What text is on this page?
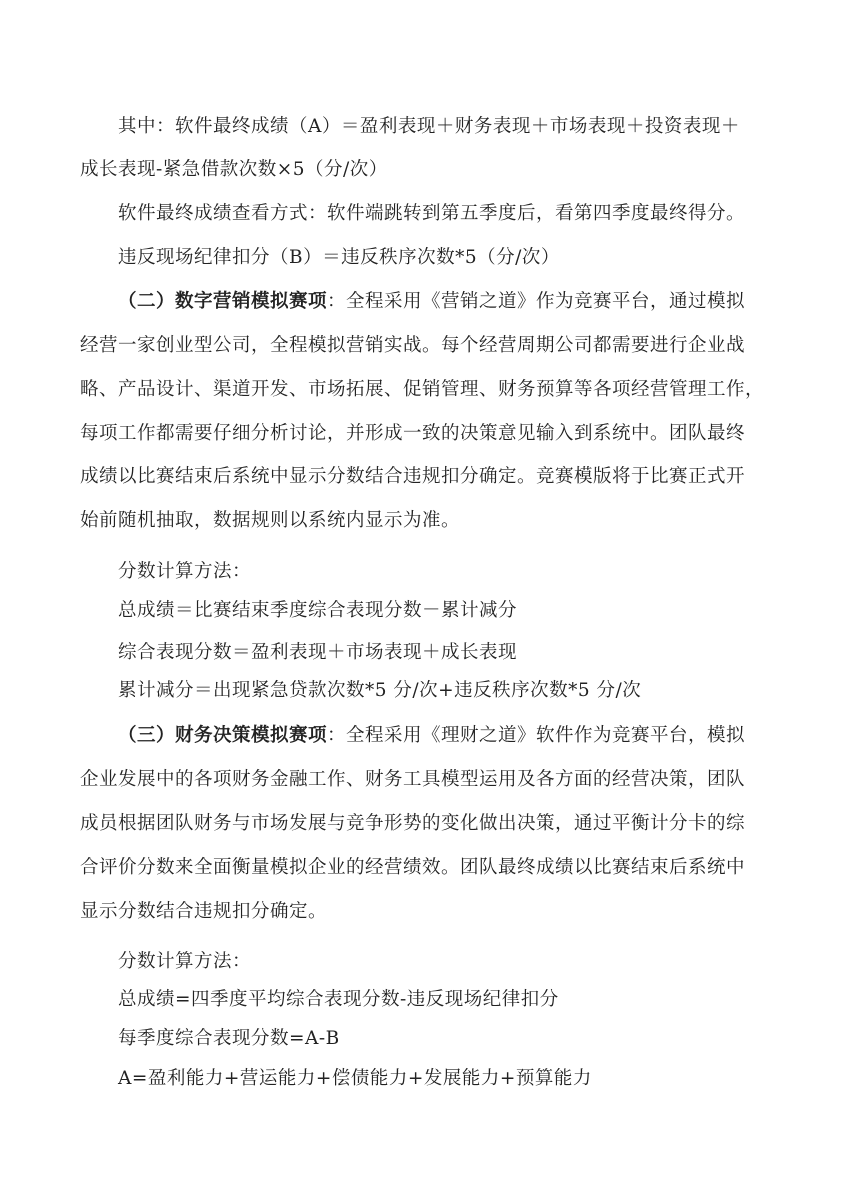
其中：软件最终成绩（A）＝盈利表现＋财务表现＋市场表现＋投资表现＋
成长表现-紧急借款次数×5（分/次）
软件最终成绩查看方式：软件端跳转到第五季度后，看第四季度最终得分。
违反现场纪律扣分（B）＝违反秩序次数*5（分/次）
（二）数字营销模拟赛项：全程采用《营销之道》作为竞赛平台，通过模拟
经营一家创业型公司，全程模拟营销实战。每个经营周期公司都需要进行企业战
略、产品设计、渠道开发、市场拓展、促销管理、财务预算等各项经营管理工作，
每项工作都需要仔细分析讨论，并形成一致的决策意见输入到系统中。团队最终
成绩以比赛结束后系统中显示分数结合违规扣分确定。竞赛模版将于比赛正式开
始前随机抽取，数据规则以系统内显示为准。
分数计算方法：
总成绩＝比赛结束季度综合表现分数－累计减分
综合表现分数＝盈利表现＋市场表现＋成长表现
累计减分＝出现紧急贷款次数*5 分/次+违反秩序次数*5 分/次
（三）财务决策模拟赛项：全程采用《理财之道》软件作为竞赛平台，模拟
企业发展中的各项财务金融工作、财务工具模型运用及各方面的经营决策，团队
成员根据团队财务与市场发展与竞争形势的变化做出决策，通过平衡计分卡的综
合评价分数来全面衡量模拟企业的经营绩效。团队最终成绩以比赛结束后系统中
显示分数结合违规扣分确定。
分数计算方法：
总成绩=四季度平均综合表现分数-违反现场纪律扣分
每季度综合表现分数=A-B
A=盈利能力+营运能力+偿债能力+发展能力+预算能力
